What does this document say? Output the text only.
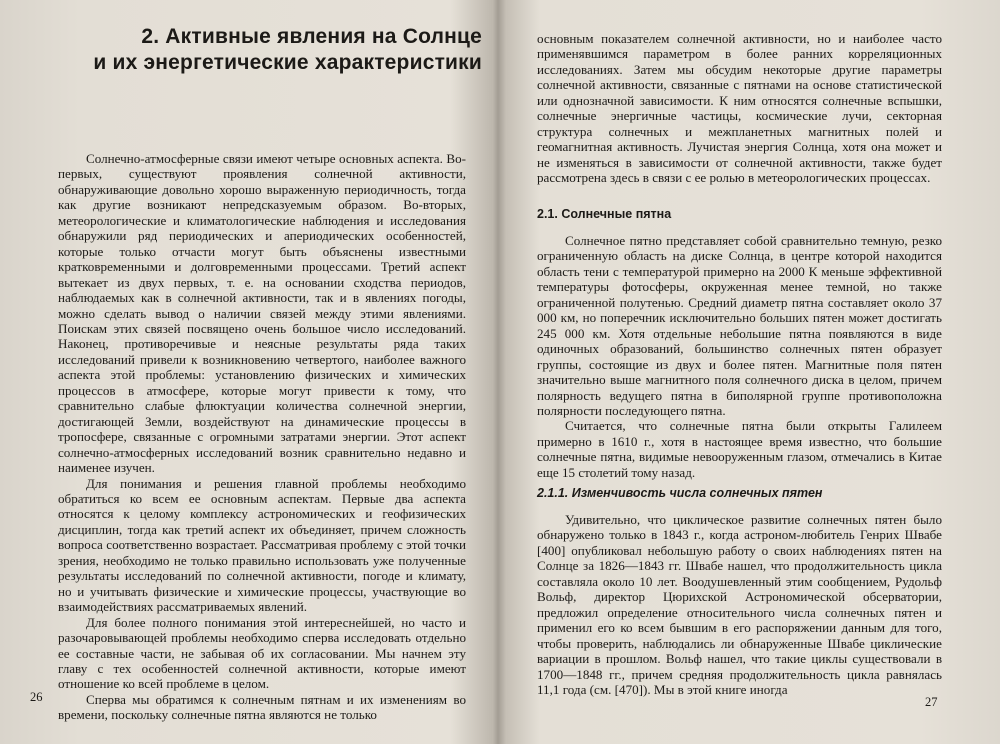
2. Активные явления на Солнце
и их энергетические характеристики

Солнечно-атмосферные связи имеют четыре основных аспекта. Во-первых, существуют проявления солнечной активности, обнаруживающие довольно хорошо выраженную периодичность, тогда как другие возникают непредсказуемым образом. Во-вторых, метеорологические и климатологические наблюдения и исследования обнаружили ряд периодических и апериодических особенностей, которые только отчасти могут быть объяснены известными кратковременными и долговременными процессами. Третий аспект вытекает из двух первых, т. е. на основании сходства периодов, наблюдаемых как в солнечной активности, так и в явлениях погоды, можно сделать вывод о наличии связей между этими явлениями. Поискам этих связей посвящено очень большое число исследований. Наконец, противоречивые и неясные результаты ряда таких исследований привели к возникновению четвертого, наиболее важного аспекта этой проблемы: установлению физических и химических процессов в атмосфере, которые могут привести к тому, что сравнительно слабые флюктуации количества солнечной энергии, достигающей Земли, воздействуют на динамические процессы в тропосфере, связанные с огромными затратами энергии. Этот аспект солнечно-атмосферных исследований возник сравнительно недавно и наименее изучен.

Для понимания и решения главной проблемы необходимо обратиться ко всем ее основным аспектам. Первые два аспекта относятся к целому комплексу астрономических и геофизических дисциплин, тогда как третий аспект их объединяет, причем сложность вопроса соответственно возрастает. Рассматривая проблему с этой точки зрения, необходимо не только правильно использовать уже полученные результаты исследований по солнечной активности, погоде и климату, но и учитывать физические и химические процессы, участвующие во взаимодействиях рассматриваемых явлений.

Для более полного понимания этой интереснейшей, но часто и разочаровывающей проблемы необходимо сперва исследовать отдельно ее составные части, не забывая об их согласовании. Мы начнем эту главу с тех особенностей солнечной активности, которые имеют отношение ко всей проблеме в целом.

Сперва мы обратимся к солнечным пятнам и их изменениям во времени, поскольку солнечные пятна являются не только

26

основным показателем солнечной активности, но и наиболее часто применявшимся параметром в более ранних корреляционных исследованиях. Затем мы обсудим некоторые другие параметры солнечной активности, связанные с пятнами на основе статистической или однозначной зависимости. К ним относятся солнечные вспышки, солнечные энергичные частицы, космические лучи, секторная структура солнечных и межпланетных магнитных полей и геомагнитная активность. Лучистая энергия Солнца, хотя она может и не изменяться в зависимости от солнечной активности, также будет рассмотрена здесь в связи с ее ролью в метеорологических процессах.

2.1. Солнечные пятна

Солнечное пятно представляет собой сравнительно темную, резко ограниченную область на диске Солнца, в центре которой находится область тени с температурой примерно на 2000 К меньше эффективной температуры фотосферы, окруженная менее темной, но также ограниченной полутенью. Средний диаметр пятна составляет около 37 000 км, но поперечник исключительно больших пятен может достигать 245 000 км. Хотя отдельные небольшие пятна появляются в виде одиночных образований, большинство солнечных пятен образует группы, состоящие из двух и более пятен. Магнитные поля пятен значительно выше магнитного поля солнечного диска в целом, причем полярность ведущего пятна в биполярной группе противоположна полярности последующего пятна.

Считается, что солнечные пятна были открыты Галилеем примерно в 1610 г., хотя в настоящее время известно, что большие солнечные пятна, видимые невооруженным глазом, отмечались в Китае еще 15 столетий тому назад.

2.1.1. Изменчивость числа солнечных пятен

Удивительно, что циклическое развитие солнечных пятен было обнаружено только в 1843 г., когда астроном-любитель Генрих Швабе [400] опубликовал небольшую работу о своих наблюдениях пятен на Солнце за 1826—1843 гг. Швабе нашел, что продолжительность цикла составляла около 10 лет. Воодушевленный этим сообщением, Рудольф Вольф, директор Цюрихской Астрономической обсерватории, предложил определение относительного числа солнечных пятен и применил его ко всем бывшим в его распоряжении данным для того, чтобы проверить, наблюдались ли обнаруженные Швабе циклические вариации в прошлом. Вольф нашел, что такие циклы существовали в 1700—1848 гг., причем средняя продолжительность цикла равнялась 11,1 года (см. [470]). Мы в этой книге иногда

27
